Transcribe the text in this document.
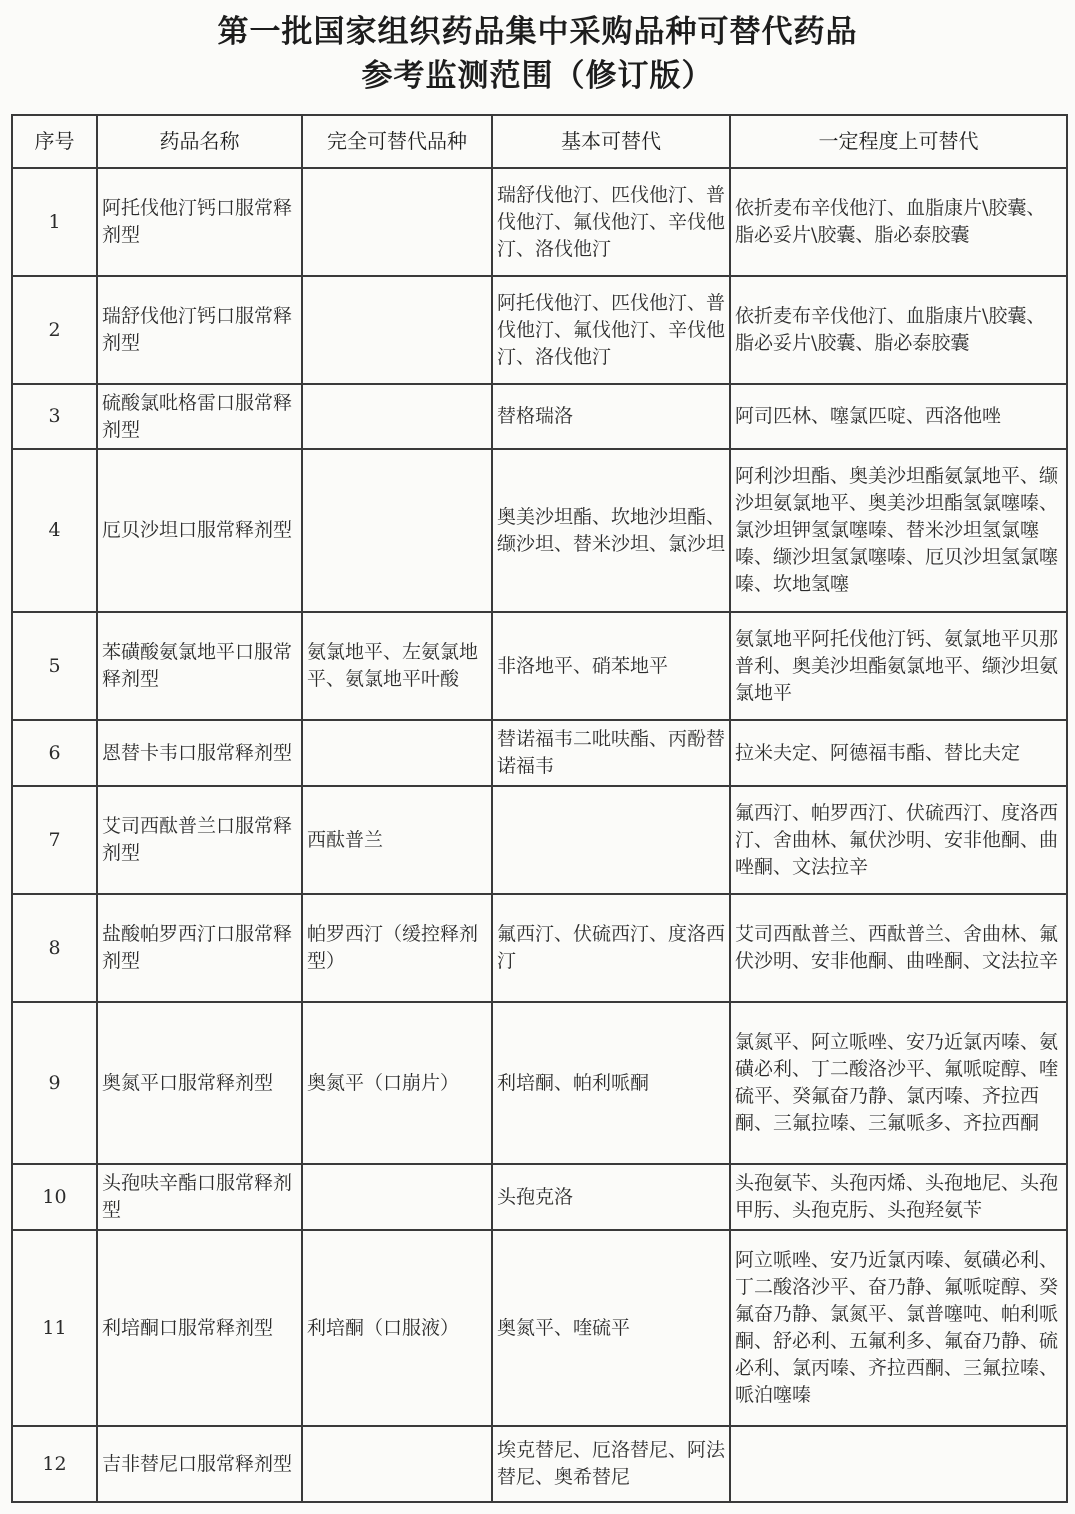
第一批国家组织药品集中采购品种可替代药品
参考监测范围（修订版）
序号	药品名称	完全可替代品种	基本可替代	一定程度上可替代
1	阿托伐他汀钙口服常释剂型		瑞舒伐他汀、匹伐他汀、普伐他汀、氟伐他汀、辛伐他汀、洛伐他汀	依折麦布辛伐他汀、血脂康片\胶囊、脂必妥片\胶囊、脂必泰胶囊
2	瑞舒伐他汀钙口服常释剂型		阿托伐他汀、匹伐他汀、普伐他汀、氟伐他汀、辛伐他汀、洛伐他汀	依折麦布辛伐他汀、血脂康片\胶囊、脂必妥片\胶囊、脂必泰胶囊
3	硫酸氯吡格雷口服常释剂型		替格瑞洛	阿司匹林、噻氯匹啶、西洛他唑
4	厄贝沙坦口服常释剂型		奥美沙坦酯、坎地沙坦酯、缬沙坦、替米沙坦、氯沙坦	阿利沙坦酯、奥美沙坦酯氨氯地平、缬沙坦氨氯地平、奥美沙坦酯氢氯噻嗪、氯沙坦钾氢氯噻嗪、替米沙坦氢氯噻嗪、缬沙坦氢氯噻嗪、厄贝沙坦氢氯噻嗪、坎地氢噻
5	苯磺酸氨氯地平口服常释剂型	氨氯地平、左氨氯地平、氨氯地平叶酸	非洛地平、硝苯地平	氨氯地平阿托伐他汀钙、氨氯地平贝那普利、奥美沙坦酯氨氯地平、缬沙坦氨氯地平
6	恩替卡韦口服常释剂型		替诺福韦二吡呋酯、丙酚替诺福韦	拉米夫定、阿德福韦酯、替比夫定
7	艾司西酞普兰口服常释剂型	西酞普兰		氟西汀、帕罗西汀、伏硫西汀、度洛西汀、舍曲林、氟伏沙明、安非他酮、曲唑酮、文法拉辛
8	盐酸帕罗西汀口服常释剂型	帕罗西汀（缓控释剂型）	氟西汀、伏硫西汀、度洛西汀	艾司西酞普兰、西酞普兰、舍曲林、氟伏沙明、安非他酮、曲唑酮、文法拉辛
9	奥氮平口服常释剂型	奥氮平（口崩片）	利培酮、帕利哌酮	氯氮平、阿立哌唑、安乃近氯丙嗪、氨磺必利、丁二酸洛沙平、氟哌啶醇、喹硫平、癸氟奋乃静、氯丙嗪、齐拉西酮、三氟拉嗪、三氟哌多、齐拉西酮
10	头孢呋辛酯口服常释剂型		头孢克洛	头孢氨苄、头孢丙烯、头孢地尼、头孢甲肟、头孢克肟、头孢羟氨苄
11	利培酮口服常释剂型	利培酮（口服液）	奥氮平、喹硫平	阿立哌唑、安乃近氯丙嗪、氨磺必利、丁二酸洛沙平、奋乃静、氟哌啶醇、癸氟奋乃静、氯氮平、氯普噻吨、帕利哌酮、舒必利、五氟利多、氟奋乃静、硫必利、氯丙嗪、齐拉西酮、三氟拉嗪、哌泊噻嗪
12	吉非替尼口服常释剂型		埃克替尼、厄洛替尼、阿法替尼、奥希替尼	
